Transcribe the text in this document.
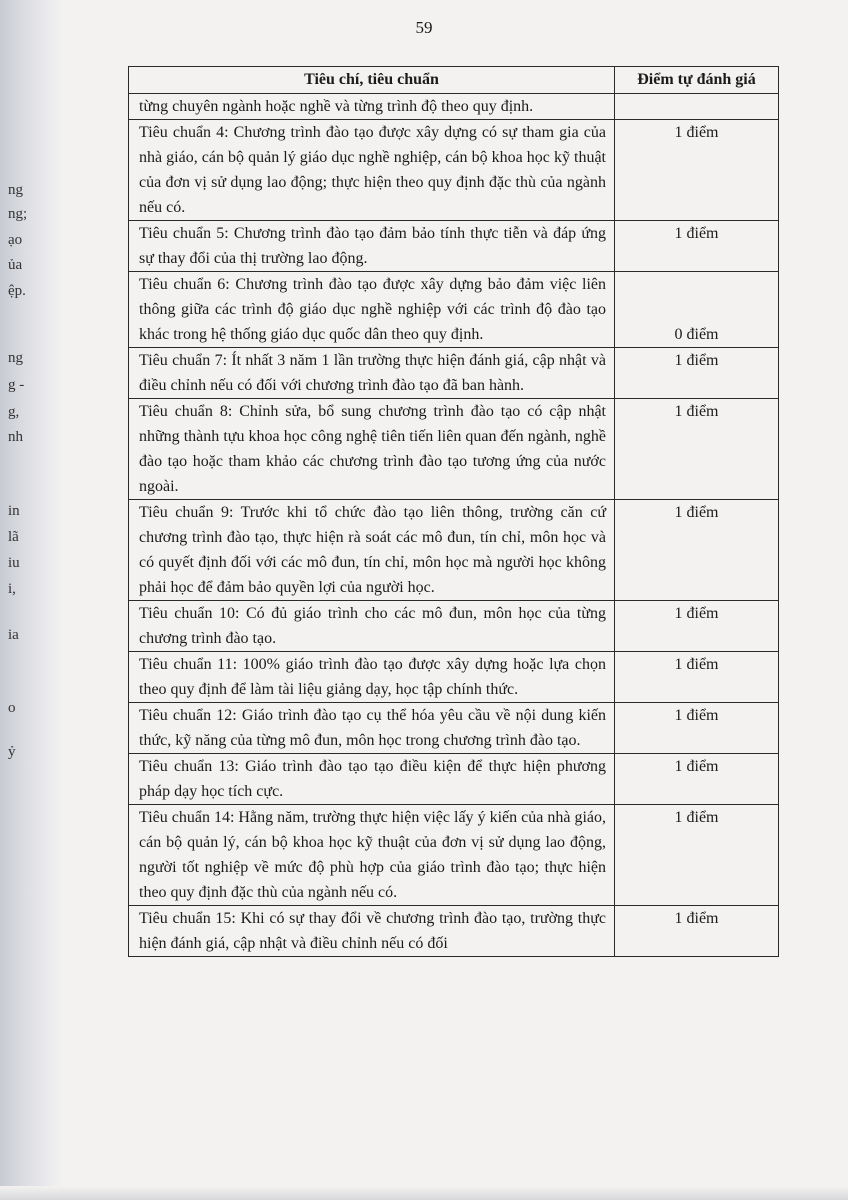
ng
ng;
ạo
ủa
ệp.
ng
g -
g,
nh
in
lã
iu
i,
ia
o
ỷ
59
Tiêu chí, tiêu chuẩn	Điểm tự đánh giá
từng chuyên ngành hoặc nghề và từng trình độ theo quy định.	
Tiêu chuẩn 4: Chương trình đào tạo được xây dựng có sự tham gia của nhà giáo, cán bộ quản lý giáo dục nghề nghiệp, cán bộ khoa học kỹ thuật của đơn vị sử dụng lao động; thực hiện theo quy định đặc thù của ngành nếu có.	1 điểm
Tiêu chuẩn 5: Chương trình đào tạo đảm bảo tính thực tiễn và đáp ứng sự thay đổi của thị trường lao động.	1 điểm
Tiêu chuẩn 6: Chương trình đào tạo được xây dựng bảo đảm việc liên thông giữa các trình độ giáo dục nghề nghiệp với các trình độ đào tạo khác trong hệ thống giáo dục quốc dân theo quy định.	0 điểm
Tiêu chuẩn 7: Ít nhất 3 năm 1 lần trường thực hiện đánh giá, cập nhật và điều chỉnh nếu có đối với chương trình đào tạo đã ban hành.	1 điểm
Tiêu chuẩn 8: Chỉnh sửa, bổ sung chương trình đào tạo có cập nhật những thành tựu khoa học công nghệ tiên tiến liên quan đến ngành, nghề đào tạo hoặc tham khảo các chương trình đào tạo tương ứng của nước ngoài.	1 điểm
Tiêu chuẩn 9: Trước khi tổ chức đào tạo liên thông, trường căn cứ chương trình đào tạo, thực hiện rà soát các mô đun, tín chỉ, môn học và có quyết định đối với các mô đun, tín chỉ, môn học mà người học không phải học để đảm bảo quyền lợi của người học.	1 điểm
Tiêu chuẩn 10: Có đủ giáo trình cho các mô đun, môn học của từng chương trình đào tạo.	1 điểm
Tiêu chuẩn 11: 100% giáo trình đào tạo được xây dựng hoặc lựa chọn theo quy định để làm tài liệu giảng dạy, học tập chính thức.	1 điểm
Tiêu chuẩn 12: Giáo trình đào tạo cụ thể hóa yêu cầu về nội dung kiến thức, kỹ năng của từng mô đun, môn học trong chương trình đào tạo.	1 điểm
Tiêu chuẩn 13: Giáo trình đào tạo tạo điều kiện để thực hiện phương pháp dạy học tích cực.	1 điểm
Tiêu chuẩn 14: Hằng năm, trường thực hiện việc lấy ý kiến của nhà giáo, cán bộ quản lý, cán bộ khoa học kỹ thuật của đơn vị sử dụng lao động, người tốt nghiệp về mức độ phù hợp của giáo trình đào tạo; thực hiện theo quy định đặc thù của ngành nếu có.	1 điểm
Tiêu chuẩn 15: Khi có sự thay đổi về chương trình đào tạo, trường thực hiện đánh giá, cập nhật và điều chỉnh nếu có đối	1 điểm
